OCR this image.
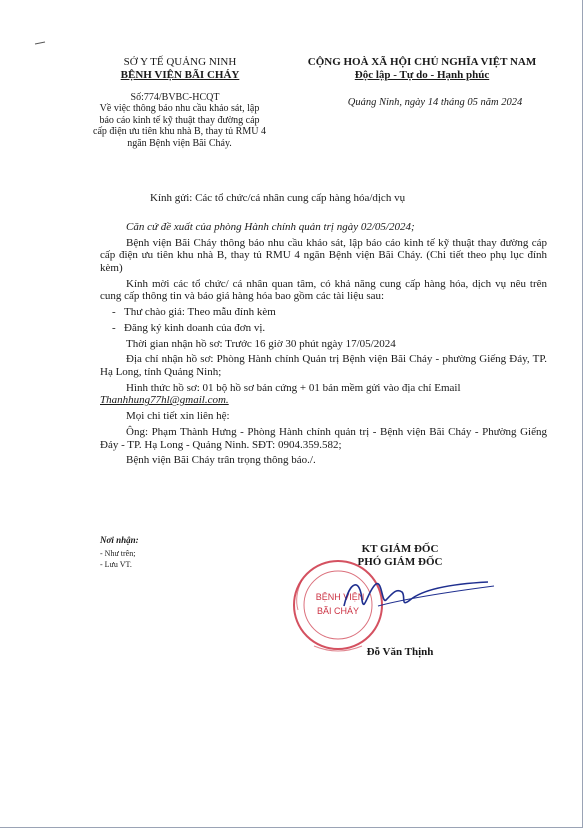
SỞ Y TẾ QUẢNG NINH
BỆNH VIỆN BÃI CHÁY
CỘNG HOÀ XÃ HỘI CHỦ NGHĨA VIỆT NAM
Độc lập - Tự do - Hạnh phúc
Số:774/BVBC-HCQT
Về việc thông báo nhu cầu khảo sát, lập báo cáo kinh tế kỹ thuật thay đường cáp cấp điện ưu tiên khu nhà B, thay tủ RMU 4 ngăn Bệnh viện Bãi Cháy.
Quảng Ninh, ngày 14 tháng 05 năm 2024
Kính gửi: Các tổ chức/cá nhân cung cấp hàng hóa/dịch vụ

Căn cứ đề xuất của phòng Hành chính quản trị ngày 02/05/2024;

Bệnh viện Bãi Cháy thông báo nhu cầu khảo sát, lập báo cáo kinh tế kỹ thuật thay đường cáp cấp điện ưu tiên khu nhà B, thay tủ RMU 4 ngăn Bệnh viện Bãi Cháy. (Chi tiết theo phụ lục đính kèm)

Kính mời các tổ chức/ cá nhân quan tâm, có khả năng cung cấp hàng hóa, dịch vụ nêu trên cung cấp thông tin và báo giá hàng hóa bao gồm các tài liệu sau:

- Thư chào giá: Theo mẫu đính kèm

- Đăng ký kinh doanh của đơn vị.

Thời gian nhận hồ sơ: Trước 16 giờ 30 phút ngày 17/05/2024

Địa chỉ nhận hồ sơ: Phòng Hành chính Quản trị Bệnh viện Bãi Cháy - phường Giếng Đáy, TP. Hạ Long, tỉnh Quảng Ninh;

Hình thức hồ sơ: 01 bộ hồ sơ bản cứng + 01 bản mềm gửi vào địa chỉ Email

Thanhhung77hl@gmail.com.

Mọi chi tiết xin liên hệ:

Ông: Phạm Thành Hưng - Phòng Hành chính quản trị - Bệnh viện Bãi Cháy - Phường Giếng Đáy - TP. Hạ Long - Quảng Ninh. SĐT: 0904.359.582;

Bệnh viện Bãi Cháy trân trọng thông báo./.

Nơi nhận:
- Như trên;
- Lưu VT.
KT GIÁM ĐỐC
PHÓ GIÁM ĐỐC
BỆNH VIỆN
BÃI CHÁY
Đỗ Văn Thịnh
